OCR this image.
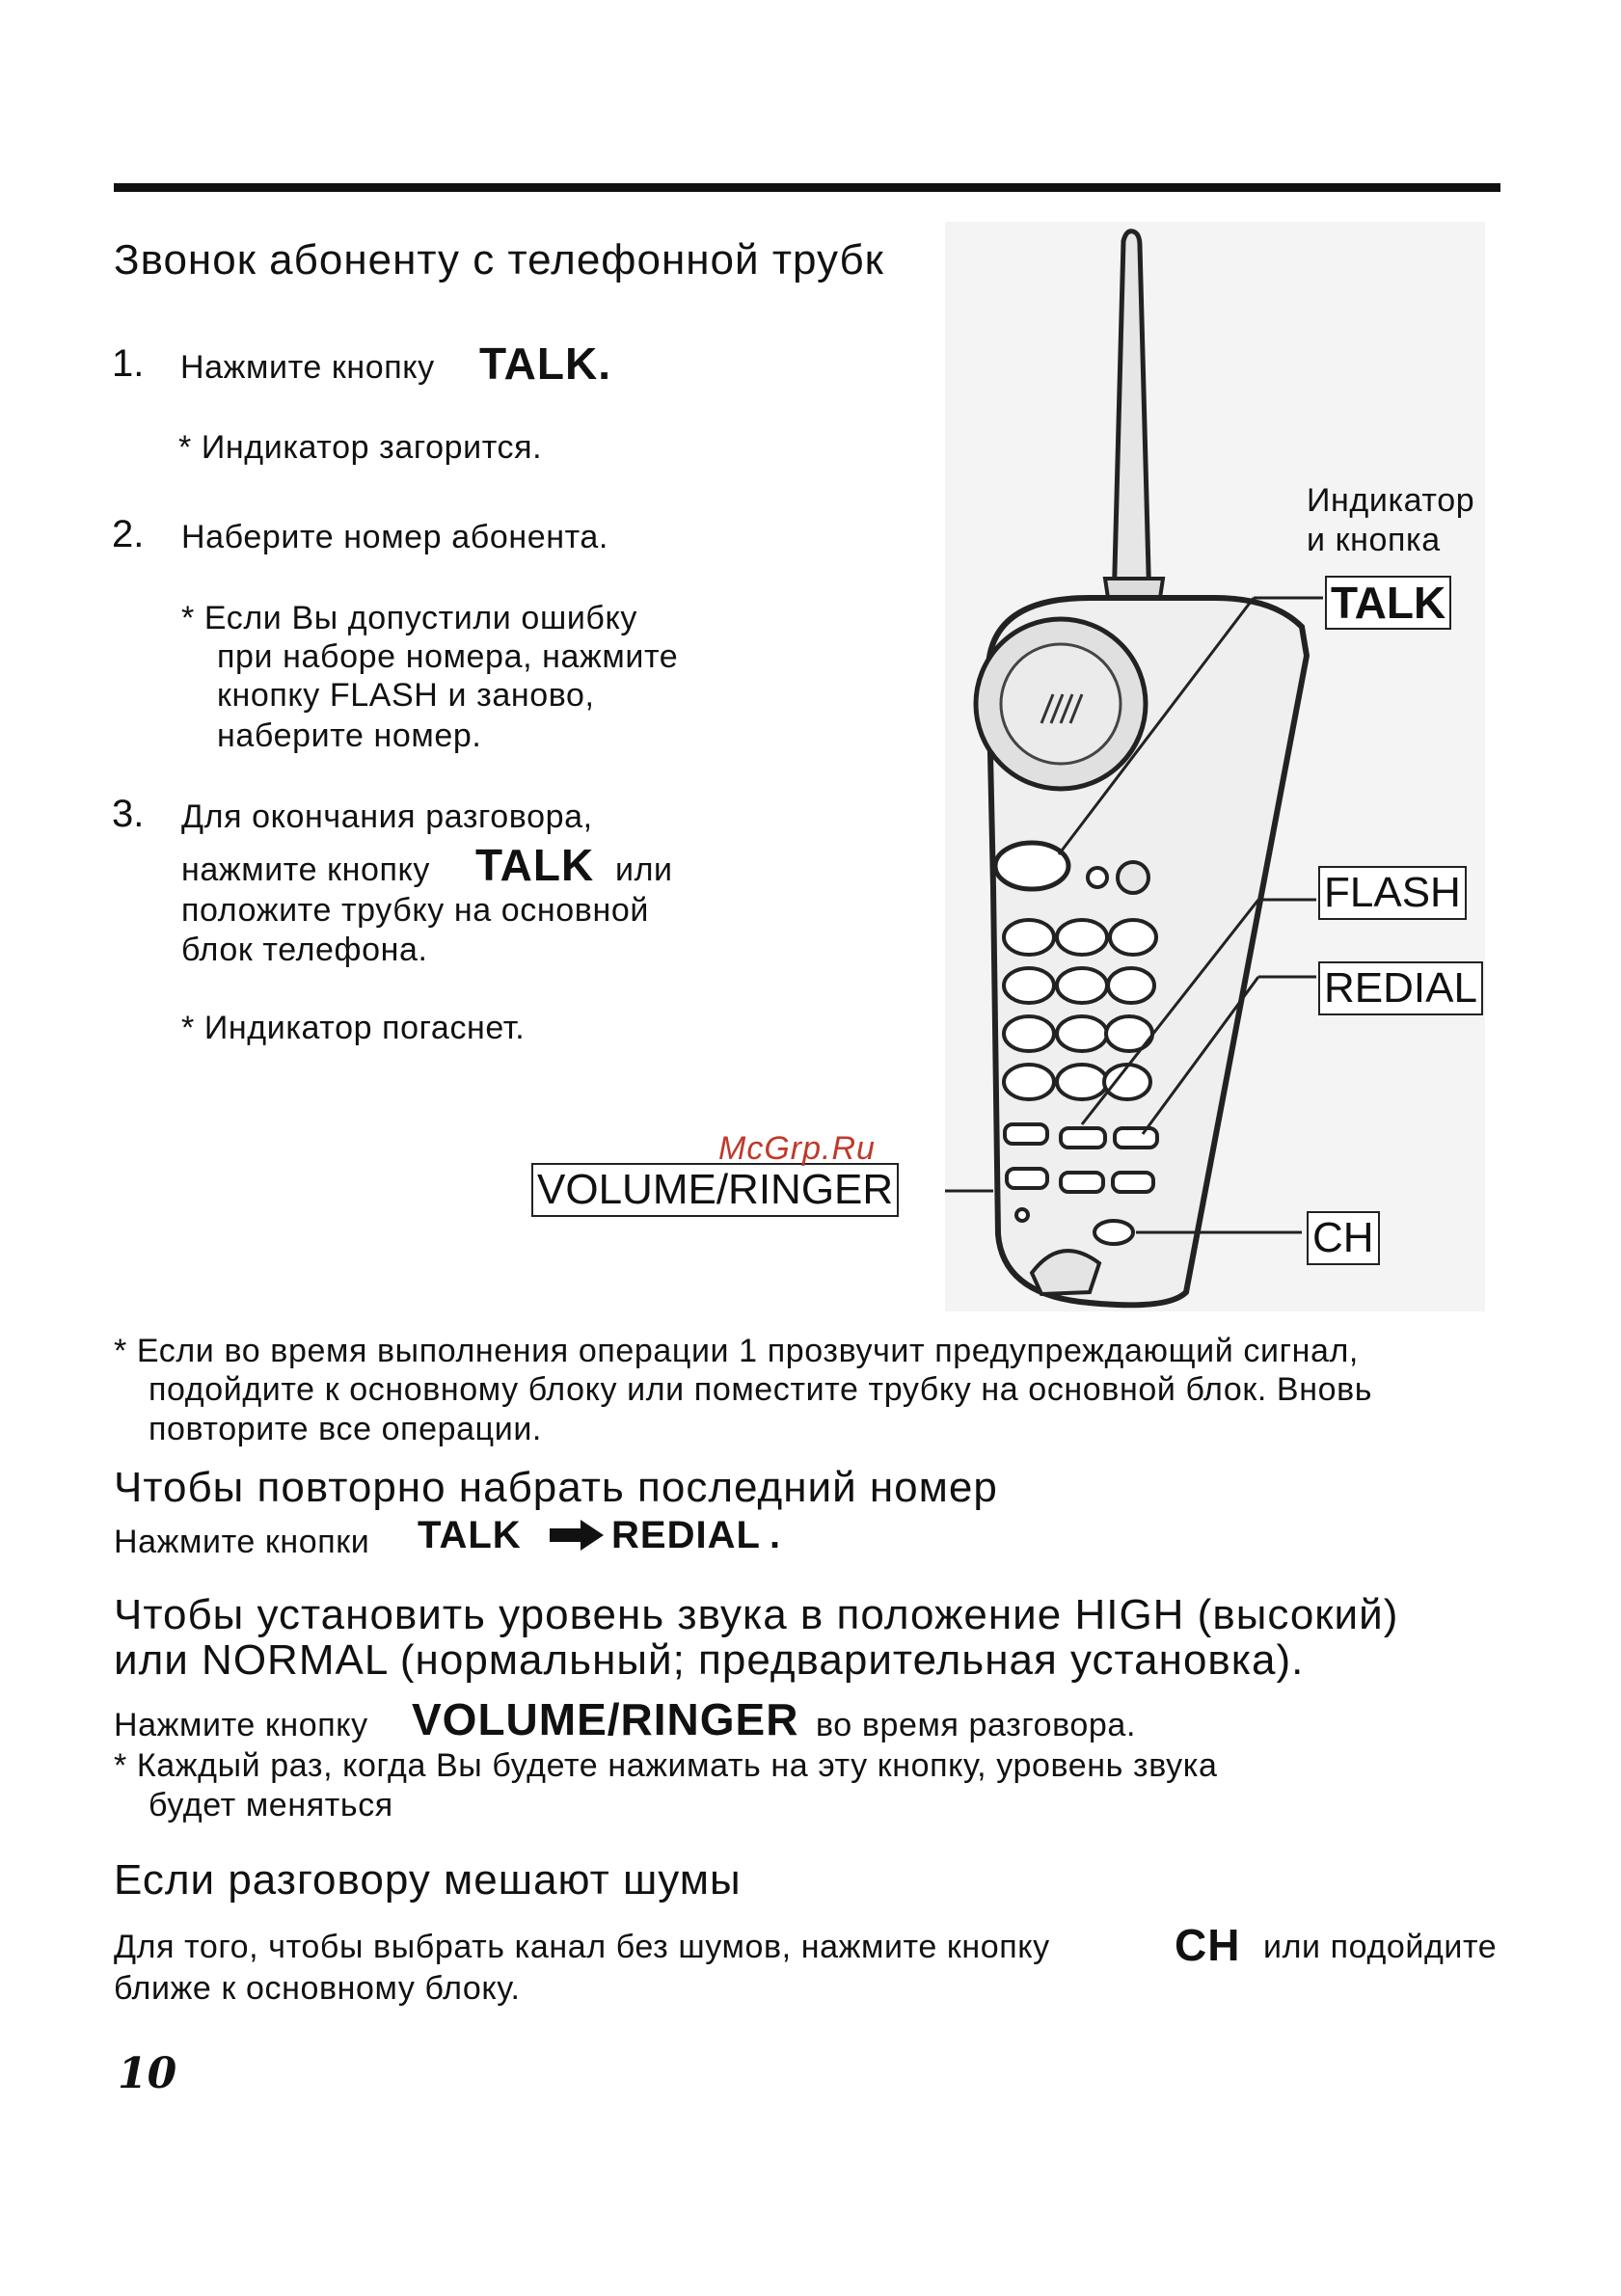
Звонок абоненту с телефонной трубк
1. Нажмите кнопку TALK.
* Индикатор загорится.
2. Наберите номер абонента.
* Если Вы допустили ошибку
при наборе номера, нажмите
кнопку FLASH и заново,
наберите номер.
3. Для окончания разговора,
нажмите кнопку TALK или
положите трубку на основной
блок телефона.
* Индикатор погаснет.
Индикатор
и кнопка
TALK
FLASH
REDIAL
VOLUME/RINGER
CH
McGrp.Ru
* Если во время выполнения операции 1 прозвучит предупреждающий сигнал,
подойдите к основному блоку или поместите трубку на основной блок. Вновь
повторите все операции.
Чтобы повторно набрать последний номер
Нажмите кнопки TALK REDIAL .
Чтобы установить уровень звука в положение HIGH (высокий)
или NORMAL (нормальный; предварительная установка).
Нажмите кнопку VOLUME/RINGER во время разговора.
* Каждый раз, когда Вы будете нажимать на эту кнопку, уровень звука
будет меняться
Если разговору мешают шумы
Для того, чтобы выбрать канал без шумов, нажмите кнопку	CH или подойдите
ближе к основному блоку.
10
